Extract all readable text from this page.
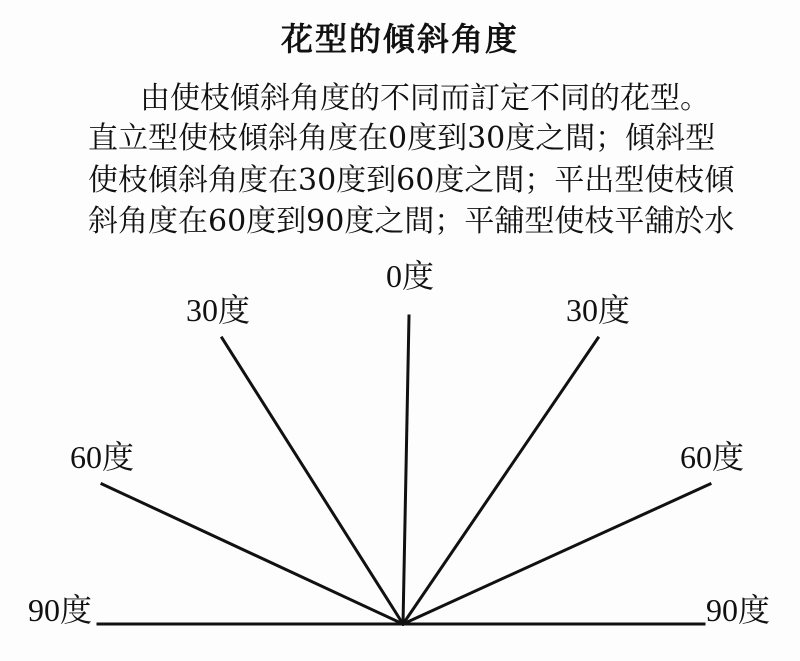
花型的傾斜角度
由使枝傾斜角度的不同而訂定不同的花型。
直立型使枝傾斜角度在0度到30度之間；傾斜型
使枝傾斜角度在30度到60度之間；平出型使枝傾
斜角度在60度到90度之間；平舖型使枝平舖於水
0度
30度	30度
60度	60度
90度	90度
